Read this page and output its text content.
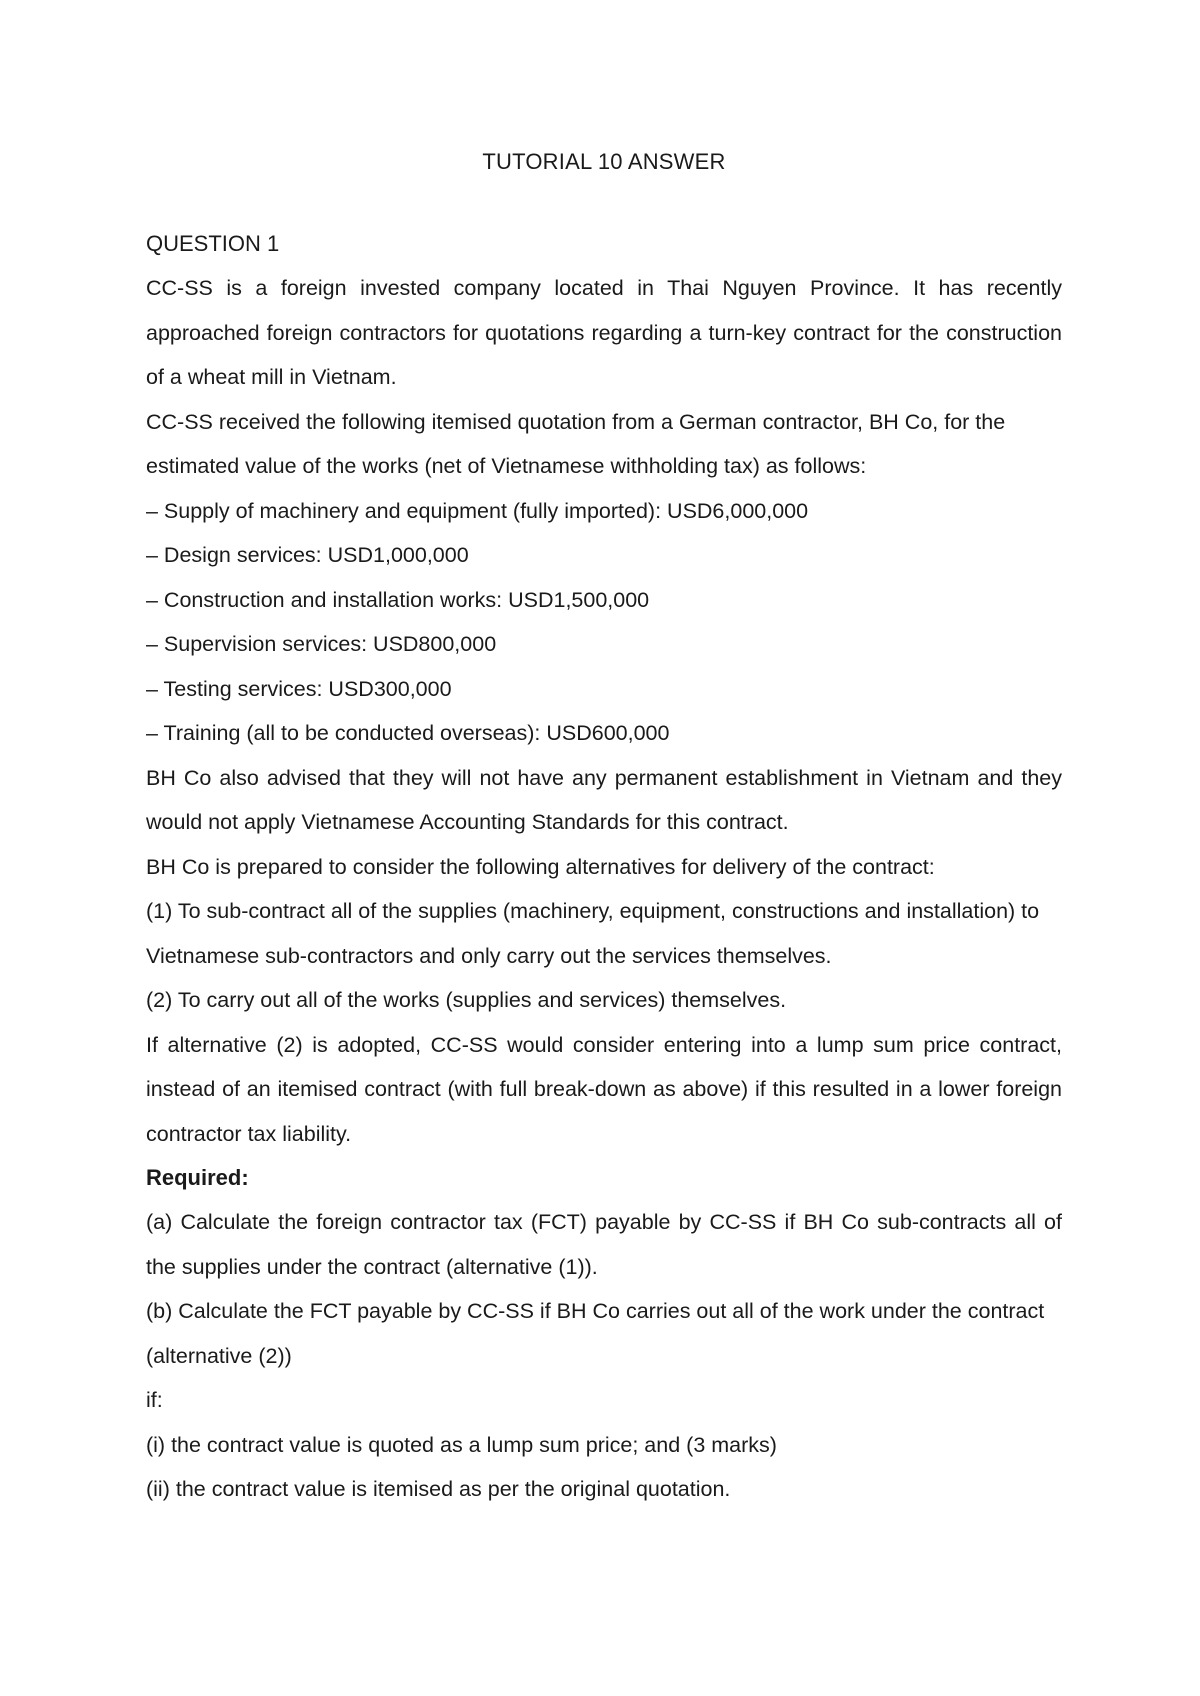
TUTORIAL 10 ANSWER

QUESTION 1

CC-SS is a foreign invested company located in Thai Nguyen Province. It has recently approached foreign contractors for quotations regarding a turn-key contract for the construction of a wheat mill in Vietnam.

CC-SS received the following itemised quotation from a German contractor, BH Co, for the estimated value of the works (net of Vietnamese withholding tax) as follows:

– Supply of machinery and equipment (fully imported): USD6,000,000

– Design services: USD1,000,000

– Construction and installation works: USD1,500,000

– Supervision services: USD800,000

– Testing services: USD300,000

– Training (all to be conducted overseas): USD600,000

BH Co also advised that they will not have any permanent establishment in Vietnam and they would not apply Vietnamese Accounting Standards for this contract.

BH Co is prepared to consider the following alternatives for delivery of the contract:

(1) To sub-contract all of the supplies (machinery, equipment, constructions and installation) to Vietnamese sub-contractors and only carry out the services themselves.

(2) To carry out all of the works (supplies and services) themselves.

If alternative (2) is adopted, CC-SS would consider entering into a lump sum price contract, instead of an itemised contract (with full break-down as above) if this resulted in a lower foreign contractor tax liability.

Required:

(a) Calculate the foreign contractor tax (FCT) payable by CC-SS if BH Co sub-contracts all of the supplies under the contract (alternative (1)).

(b) Calculate the FCT payable by CC-SS if BH Co carries out all of the work under the contract (alternative (2))

if:

(i) the contract value is quoted as a lump sum price; and (3 marks)

(ii) the contract value is itemised as per the original quotation.
